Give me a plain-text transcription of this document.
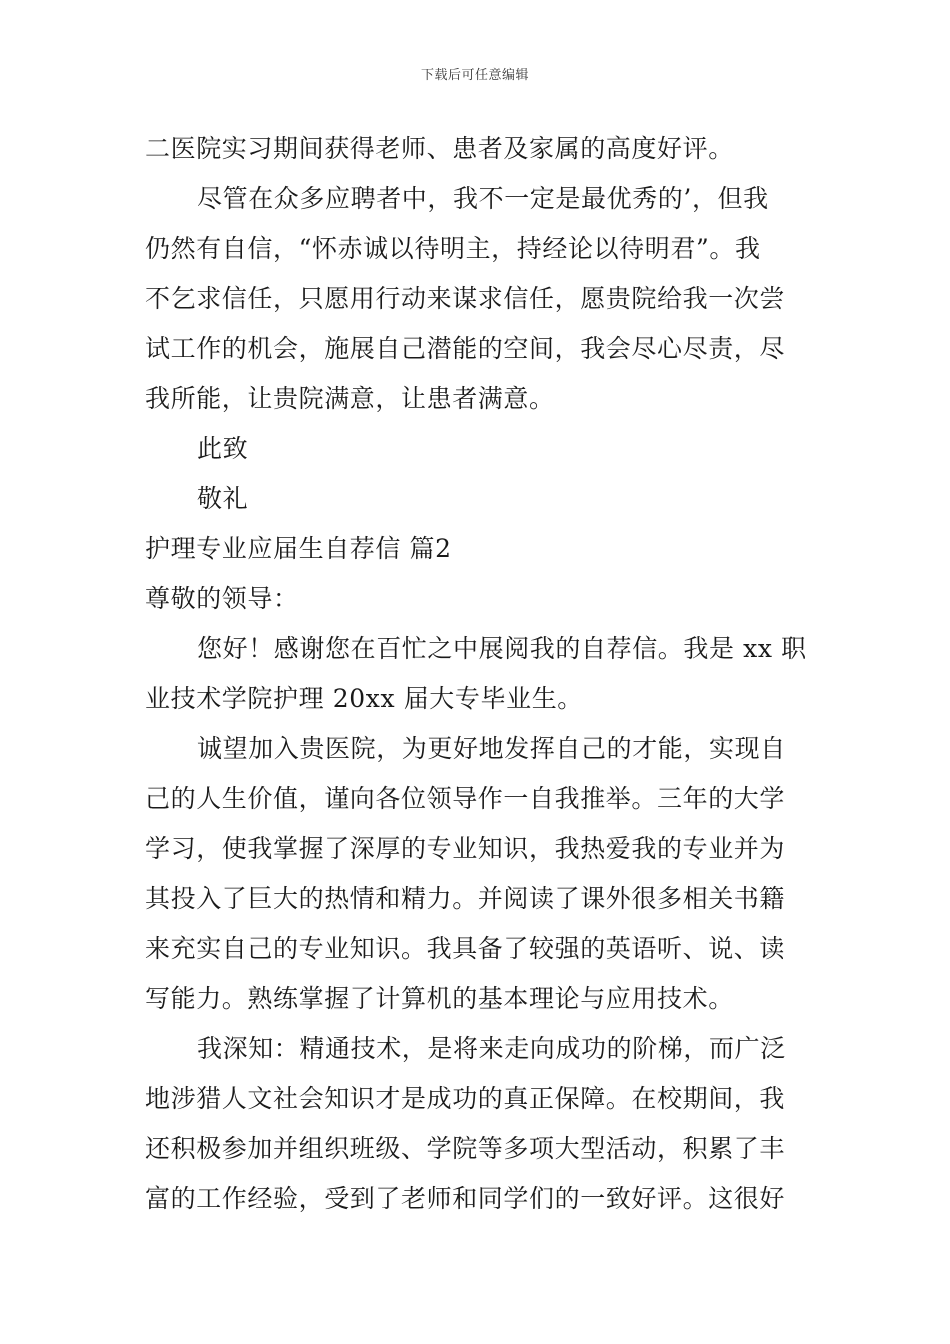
下载后可任意编辑
二医院实习期间获得老师、患者及家属的高度好评。
尽管在众多应聘者中，我不一定是最优秀的’，但我
仍然有自信，“怀赤诚以待明主，持经论以待明君”。我
不乞求信任，只愿用行动来谋求信任，愿贵院给我一次尝
试工作的机会，施展自己潜能的空间，我会尽心尽责，尽
我所能，让贵院满意，让患者满意。
此致
敬礼
护理专业应届生自荐信 篇2
尊敬的领导：
您好！感谢您在百忙之中展阅我的自荐信。我是 xx 职
业技术学院护理 20xx 届大专毕业生。
诚望加入贵医院，为更好地发挥自己的才能，实现自
己的人生价值，谨向各位领导作一自我推举。三年的大学
学习，使我掌握了深厚的专业知识，我热爱我的专业并为
其投入了巨大的热情和精力。并阅读了课外很多相关书籍
来充实自己的专业知识。我具备了较强的英语听、说、读
写能力。熟练掌握了计算机的基本理论与应用技术。
我深知：精通技术，是将来走向成功的阶梯，而广泛
地涉猎人文社会知识才是成功的真正保障。在校期间，我
还积极参加并组织班级、学院等多项大型活动，积累了丰
富的工作经验，受到了老师和同学们的一致好评。这很好
